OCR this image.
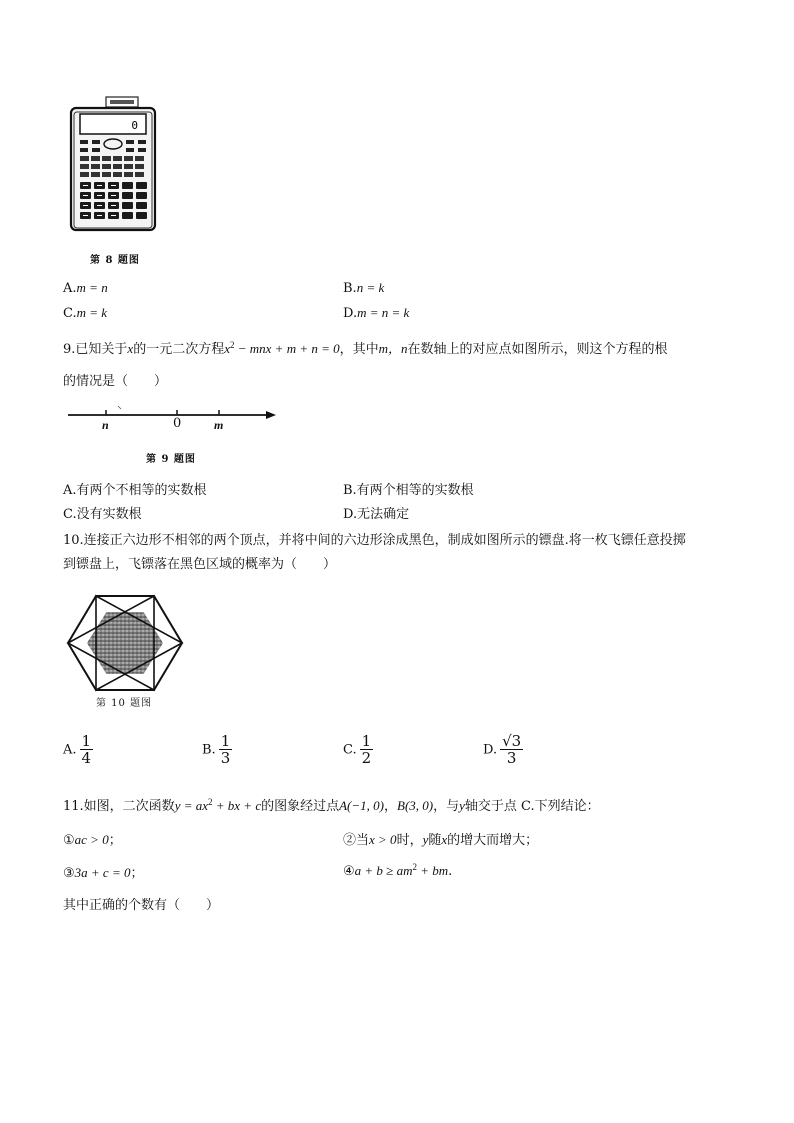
0
第 8 题图
A.m = n	B.n = k
C.m = k	D.m = n = k
9.已知关于x的一元二次方程$x^2$ − mnx + m + n = 0，其中m，n在数轴上的对应点如图所示，则这个方程的根
的情况是（　　）
n	0	m
第 9 题图
A.有两个不相等的实数根	B.有两个相等的实数根
C.没有实数根	D.无法确定
10.连接正六边形不相邻的两个顶点，并将中间的六边形涂成黑色，制成如图所示的镖盘.将一枚飞镖任意投掷
到镖盘上，飞镖落在黑色区域的概率为（　　）
第 10 题图
A. $\frac{1}{4}$	B. $\frac{1}{3}$	C. $\frac{1}{2}$	D. $\frac{√3}{3}$
11.如图，二次函数$y = ax^2$ + bx + c的图象经过点A(−1, 0)，B(3, 0)，与y轴交于点 C.下列结论：
①ac > 0；	②当x > 0时，y随x的增大而增大；
③3a + c = 0；	④a + $b \ge am^2$ + bm.
其中正确的个数有（　　）
